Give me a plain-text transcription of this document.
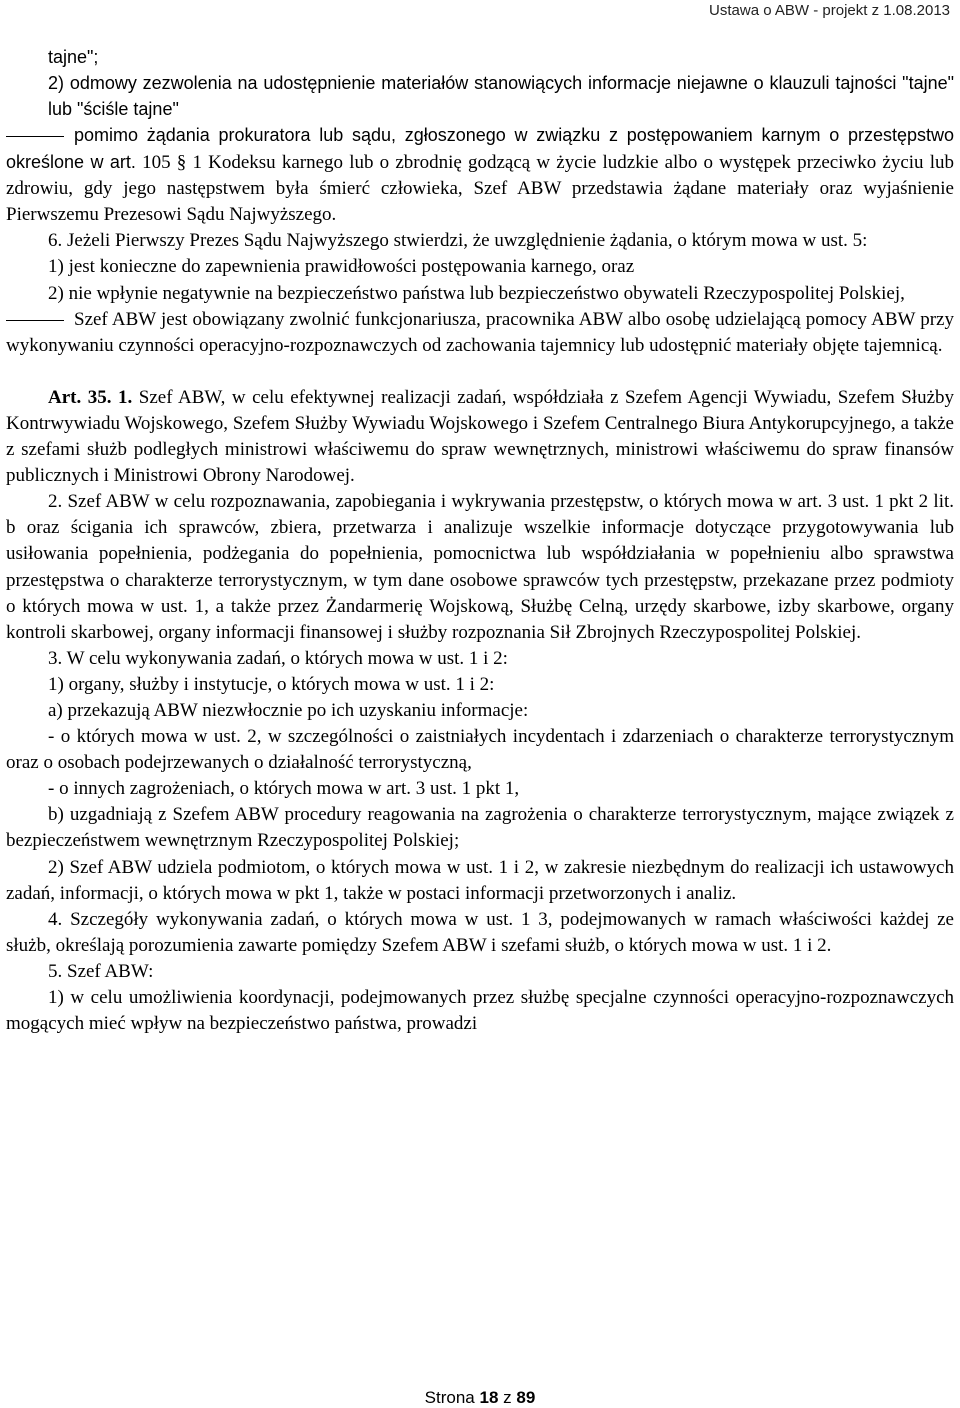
Ustawa o ABW - projekt z 1.08.2013

tajne";

2) odmowy zezwolenia na udostępnienie materiałów stanowiących informacje niejawne o klauzuli tajności "tajne" lub "ściśle tajne"

pomimo żądania prokuratora lub sądu, zgłoszonego w związku z postępowaniem karnym o przestępstwo określone w art. 105 § 1 Kodeksu karnego lub o zbrodnię godzącą w życie ludzkie albo o występek przeciwko życiu lub zdrowiu, gdy jego następstwem była śmierć człowieka, Szef ABW przedstawia żądane materiały oraz wyjaśnienie Pierwszemu Prezesowi Sądu Najwyższego.

6. Jeżeli Pierwszy Prezes Sądu Najwyższego stwierdzi, że uwzględnienie żądania, o którym mowa w ust. 5:

1) jest konieczne do zapewnienia prawidłowości postępowania karnego, oraz

2) nie wpłynie negatywnie na bezpieczeństwo państwa lub bezpieczeństwo obywateli Rzeczypospolitej Polskiej,

Szef ABW jest obowiązany zwolnić funkcjonariusza, pracownika ABW albo osobę udzielającą pomocy ABW przy wykonywaniu czynności operacyjno-rozpoznawczych od zachowania tajemnicy lub udostępnić materiały objęte tajemnicą.

Art. 35. 1. Szef ABW, w celu efektywnej realizacji zadań, współdziała z Szefem Agencji Wywiadu, Szefem Służby Kontrwywiadu Wojskowego, Szefem Służby Wywiadu Wojskowego i Szefem Centralnego Biura Antykorupcyjnego, a także z szefami służb podległych ministrowi właściwemu do spraw wewnętrznych, ministrowi właściwemu do spraw finansów publicznych i Ministrowi Obrony Narodowej.

2. Szef ABW w celu rozpoznawania, zapobiegania i wykrywania przestępstw, o których mowa w art. 3 ust. 1 pkt 2 lit. b oraz ścigania ich sprawców, zbiera, przetwarza i analizuje wszelkie informacje dotyczące przygotowywania lub usiłowania popełnienia, podżegania do popełnienia, pomocnictwa lub współdziałania w popełnieniu albo sprawstwa przestępstwa o charakterze terrorystycznym, w tym dane osobowe sprawców tych przestępstw, przekazane przez podmioty o których mowa w ust. 1, a także przez Żandarmerię Wojskową, Służbę Celną, urzędy skarbowe, izby skarbowe, organy kontroli skarbowej, organy informacji finansowej i służby rozpoznania Sił Zbrojnych Rzeczypospolitej Polskiej.

3. W celu wykonywania zadań, o których mowa w ust. 1 i 2:

1) organy, służby i instytucje, o których mowa w ust. 1 i 2:

a) przekazują ABW niezwłocznie po ich uzyskaniu informacje:

- o których mowa w ust. 2, w szczególności o zaistniałych incydentach i zdarzeniach o charakterze terrorystycznym oraz o osobach podejrzewanych o działalność terrorystyczną,

- o innych zagrożeniach, o których mowa w art. 3 ust. 1 pkt 1,

b) uzgadniają z Szefem ABW procedury reagowania na zagrożenia o charakterze terrorystycznym, mające związek z bezpieczeństwem wewnętrznym Rzeczypospolitej Polskiej;

2) Szef ABW udziela podmiotom, o których mowa w ust. 1 i 2, w zakresie niezbędnym do realizacji ich ustawowych zadań, informacji, o których mowa w pkt 1, także w postaci informacji przetworzonych i analiz.

4. Szczegóły wykonywania zadań, o których mowa w ust. 1 3, podejmowanych w ramach właściwości każdej ze służb, określają porozumienia zawarte pomiędzy Szefem ABW i szefami służb, o których mowa w ust. 1 i 2.

5. Szef ABW:

1) w celu umożliwienia koordynacji, podejmowanych przez służbę specjalne czynności operacyjno-rozpoznawczych mogących mieć wpływ na bezpieczeństwo państwa, prowadzi

Strona 18 z 89
